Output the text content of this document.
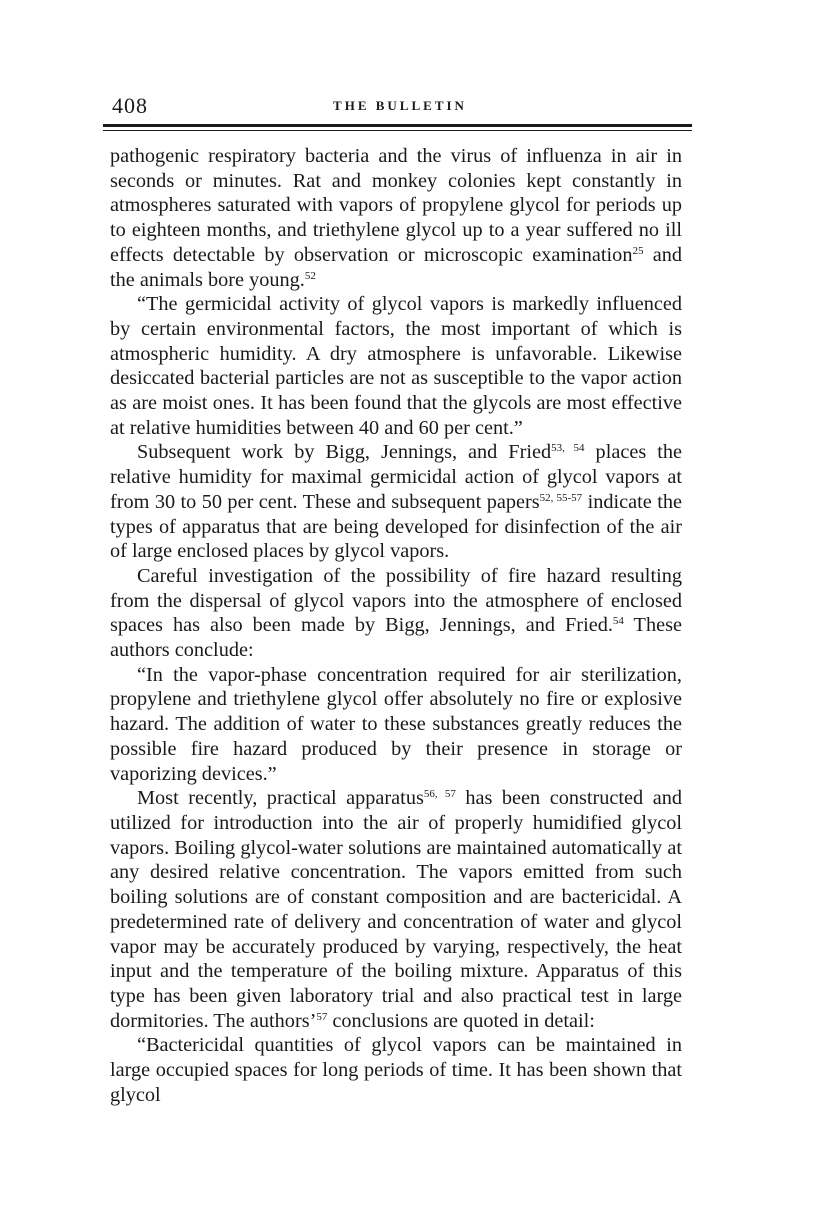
408	THE BULLETIN

pathogenic respiratory bacteria and the virus of influenza in air in seconds or minutes. Rat and monkey colonies kept constantly in atmospheres saturated with vapors of propylene glycol for periods up to eighteen months, and triethylene glycol up to a year suffered no ill effects detectable by observation or microscopic examination$^{25}$ and the animals bore young.$^{52}$

“The germicidal activity of glycol vapors is markedly influenced by certain environmental factors, the most important of which is atmospheric humidity. A dry atmosphere is unfavorable. Likewise desiccated bacterial particles are not as susceptible to the vapor action as are moist ones. It has been found that the glycols are most effective at relative humidities between 40 and 60 per cent.”

Subsequent work by Bigg, Jennings, and Fried$^{53, 54}$ places the relative humidity for maximal germicidal action of glycol vapors at from 30 to 50 per cent. These and subsequent papers$^{52, 55-57}$ indicate the types of apparatus that are being developed for disinfection of the air of large enclosed places by glycol vapors.

Careful investigation of the possibility of fire hazard resulting from the dispersal of glycol vapors into the atmosphere of enclosed spaces has also been made by Bigg, Jennings, and Fried.$^{54}$ These authors conclude:

“In the vapor-phase concentration required for air sterilization, propylene and triethylene glycol offer absolutely no fire or explosive hazard. The addition of water to these substances greatly reduces the possible fire hazard produced by their presence in storage or vaporizing devices.”

Most recently, practical apparatus$^{56, 57}$ has been constructed and utilized for introduction into the air of properly humidified glycol vapors. Boiling glycol-water solutions are maintained automatically at any desired relative concentration. The vapors emitted from such boiling solutions are of constant composition and are bactericidal. A predetermined rate of delivery and concentration of water and glycol vapor may be accurately produced by varying, respectively, the heat input and the temperature of the boiling mixture. Apparatus of this type has been given laboratory trial and also practical test in large dormitories. The authors’$^{57}$ conclusions are quoted in detail:

“Bactericidal quantities of glycol vapors can be maintained in large occupied spaces for long periods of time. It has been shown that glycol
